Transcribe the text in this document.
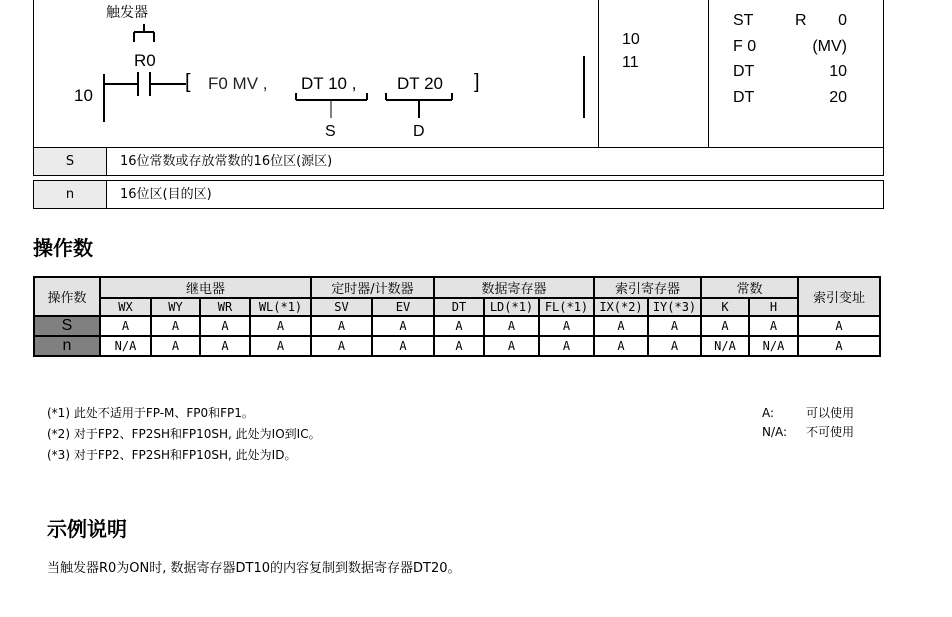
触发器
R0
10
[ F0 MV , DT 10 , DT 20 ]
S	D
10
11
ST	R 0
F 0	(MV)
DT	10
DT	20
S	16位常数或存放常数的16位区(源区)
n	16位区(目的区)
操作数
操作数	继电器				定时器/计数器		数据寄存器			索引寄存器		常数		索引变址
	WX	WY	WR	WL(*1)	SV	EV	DT	LD(*1)	FL(*1)	IX(*2)	IY(*3)	K	H	
S	A	A	A	A	A	A	A	A	A	A	A	A	A	A
n	N/A	A	A	A	A	A	A	A	A	A	A	N/A	N/A	A
(*1) 此处不适用于FP-M、FP0和FP1。
(*2) 对于FP2、FP2SH和FP10SH, 此处为IO到IC。
(*3) 对于FP2、FP2SH和FP10SH, 此处为ID。
A:	可以使用
N/A: 不可使用
示例说明
当触发器R0为ON时, 数据寄存器DT10的内容复制到数据寄存器DT20。
